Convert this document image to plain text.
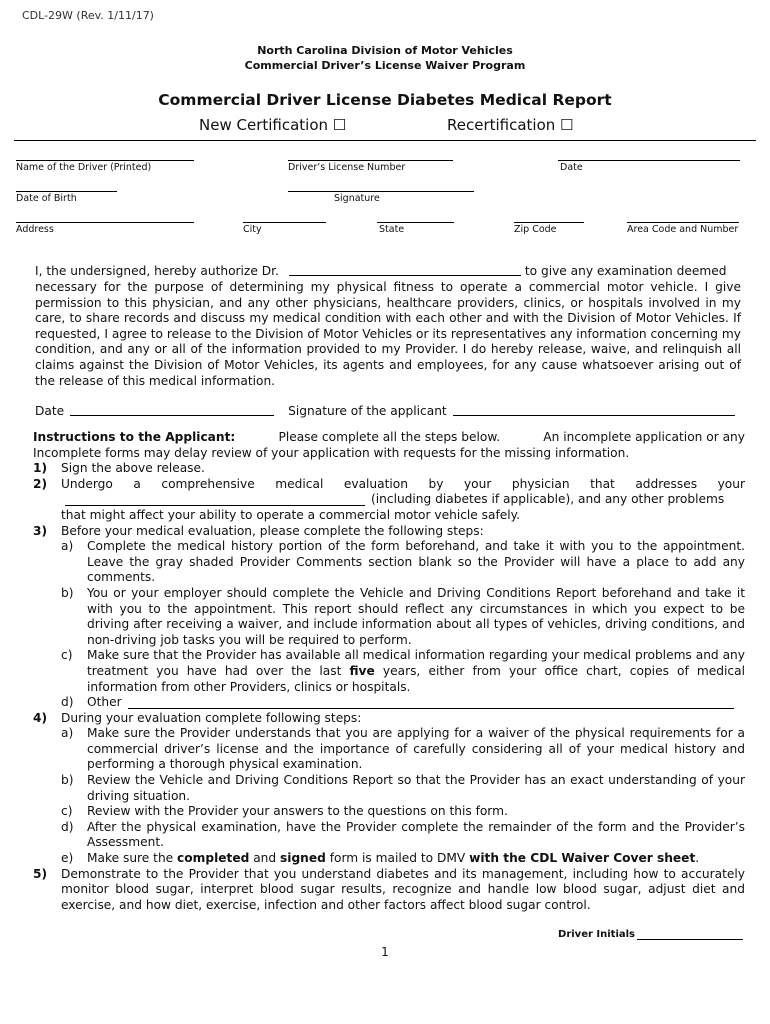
CDL-29W (Rev. 1/11/17)
North Carolina Division of Motor Vehicles
Commercial Driver’s License Waiver Program
Commercial Driver License Diabetes Medical Report
New Certification ☐	Recertification ☐
Name of the Driver (Printed)	Driver’s License Number	Date
Date of Birth	Signature
Address	City	State	Zip Code	Area Code and Number
I, the undersigned, hereby authorize Dr.	to give any examination deemed
necessary for the purpose of determining my physical fitness to operate a commercial motor vehicle. I give permission to this physician, and any other physicians, healthcare providers, clinics, or hospitals involved in my care, to share records and discuss my medical condition with each other and with the Division of Motor Vehicles. If requested, I agree to release to the Division of Motor Vehicles or its representatives any information concerning my condition, and any or all of the information provided to my Provider. I do hereby release, waive, and relinquish all claims against the Division of Motor Vehicles, its agents and employees, for any cause whatsoever arising out of the release of this medical information.
Date	Signature of the applicant

Instructions to the Applicant:	Please complete all the steps below.	An incomplete application or any

Incomplete forms may delay review of your application with requests for the missing information.

1) Sign the above release.

2) Undergo a comprehensive medical evaluation by your physician that addresses your

(including diabetes if applicable), and any other problems

that might affect your ability to operate a commercial motor vehicle safely.

3) Before your medical evaluation, please complete the following steps:

a) Complete the medical history portion of the form beforehand, and take it with you to the appointment. Leave the gray shaded Provider Comments section blank so the Provider will have a place to add any comments.

b) You or your employer should complete the Vehicle and Driving Conditions Report beforehand and take it with you to the appointment. This report should reflect any circumstances in which you expect to be driving after receiving a waiver, and include information about all types of vehicles, driving conditions, and non-driving job tasks you will be required to perform.

c) Make sure that the Provider has available all medical information regarding your medical problems and any treatment you have had over the last five years, either from your office chart, copies of medical information from other Providers, clinics or hospitals.

d)	Other

4) During your evaluation complete following steps:

a) Make sure the Provider understands that you are applying for a waiver of the physical requirements for a commercial driver’s license and the importance of carefully considering all of your medical history and performing a thorough physical examination.

b) Review the Vehicle and Driving Conditions Report so that the Provider has an exact understanding of your driving situation.

c) Review with the Provider your answers to the questions on this form.

d) After the physical examination, have the Provider complete the remainder of the form and the Provider’s Assessment.

e) Make sure the completed and signed form is mailed to DMV with the CDL Waiver Cover sheet.

5) Demonstrate to the Provider that you understand diabetes and its management, including how to accurately monitor blood sugar, interpret blood sugar results, recognize and handle low blood sugar, adjust diet and exercise, and how diet, exercise, infection and other factors affect blood sugar control.

Driver Initials
1
